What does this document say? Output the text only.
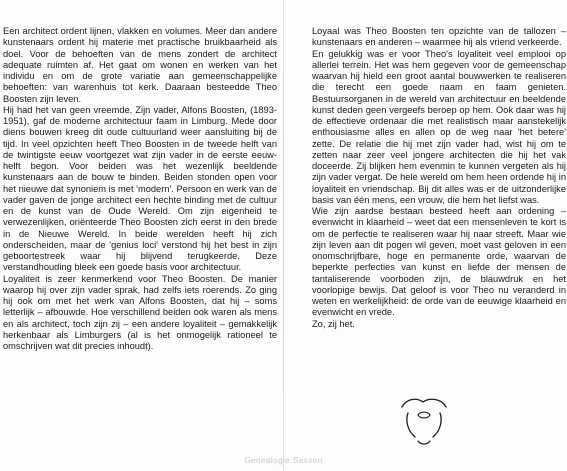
Een architect ordent lijnen, vlakken en volumes. Meer dan andere kunstenaars ordent hij materie met practische bruikbaarheid als doel. Voor de behoeften van de mens zondert de architect adequate ruimten af. Het gaat om wonen en werken van het individu en om de grote variatie aan gemeenschappelijke behoeften: van warenhuis tot kerk. Daaraan besteedde Theo Boosten zijn leven.

Hij had het van geen vreemde. Zijn vader, Alfons Boosten, (1893-1951), gaf de moderne architectuur faam in Limburg. Mede door diens bouwen kreeg dit oude cultuurland weer aansluiting bij de tijd. In veel opzichten heeft Theo Boosten in de tweede helft van de twintigste eeuw voortgezet wat zijn vader in de eerste eeuw-helft begon. Voor beiden was het wezenlijk beeldende kunstenaars aan de bouw te binden. Beiden stonden open voor het nieuwe dat synoniem is met 'modern'. Persoon en werk van de vader gaven de jonge architect een hechte binding met de cultuur en de kunst van de Oude Wereld. Om zijn eigenheid te verwezenlijken, oriënteerde Theo Boosten zich eerst in den brede in de Nieuwe Wereld. In beide werelden heeft hij zich onderscheiden, maar de 'genius loci' verstond hij het best in zijn geboortestreek waar hij blijvend terugkeerde. Deze verstandhouding bleek een goede basis voor architectuur.

Loyaliteit is zeer kenmerkend voor Theo Boosten. De manier waarop hij over zijn vader sprak, had zelfs iets roerends. Zo ging hij ook om met het werk van Alfons Boosten, dat hij – soms letterlijk – afbouwde. Hoe verschillend beiden ook waren als mens en als architect, toch zijn zij – een andere loyaliteit – gemakkelijk herkenbaar als Limburgers (al is het onmogelijk rationeel te omschrijven wat dit precies inhoudt).

Loyaal was Theo Boosten ten opzichte van de tallozen – kunstenaars en anderen – waarmee hij als vriend verkeerde.

En gelukkig was er voor Theo's loyaliteit veel emplooi op allerlei terrein. Het was hem gegeven voor de gemeenschap waarvan hij hield een groot aantal bouwwerken te realiseren die terecht een goede naam en faam genieten. Bestuursorganen in de wereld van architectuur en beeldende kunst deden geen vergeefs beroep op hem. Ook daar was hij de effectieve ordenaar die met realistisch maar aanstekelijk enthousiasme alles en allen op de weg naar 'het betere' zette. De relatie die hij met zijn vader had, wist hij om te zetten naar zeer veel jongere architecten die hij het vak doceerde. Zij blijken hem evenmin te kunnen vergeten als hij zijn vader vergat. De hele wereld om hem heen ordende hij in loyaliteit en vriendschap. Bij dit alles was er de uitzonderlijke basis van één mens, een vrouw, die hem het liefst was.

Wie zijn aardse bestaan besteed heeft aan ordening – evenwicht in klaarheid – weet dat een mensenleven te kort is om de perfectie te realiseren waar hij naar streeft. Maar wie zijn leven aan dit pogen wil geven, moet vast geloven in een onomschrijfbare, hoge en permanente orde, waarvan de beperkte perfecties van kunst en liefde der mensen de tantaliserende voorboden zijn, de blauwdruk en het voorlopige bewijs. Dat geloof is voor Theo nu veranderd in weten en werkelijkheid: de orde van de eeuwige klaarheid en evenwicht en vrede.

Zo, zij het.

Genealogie Sassen
